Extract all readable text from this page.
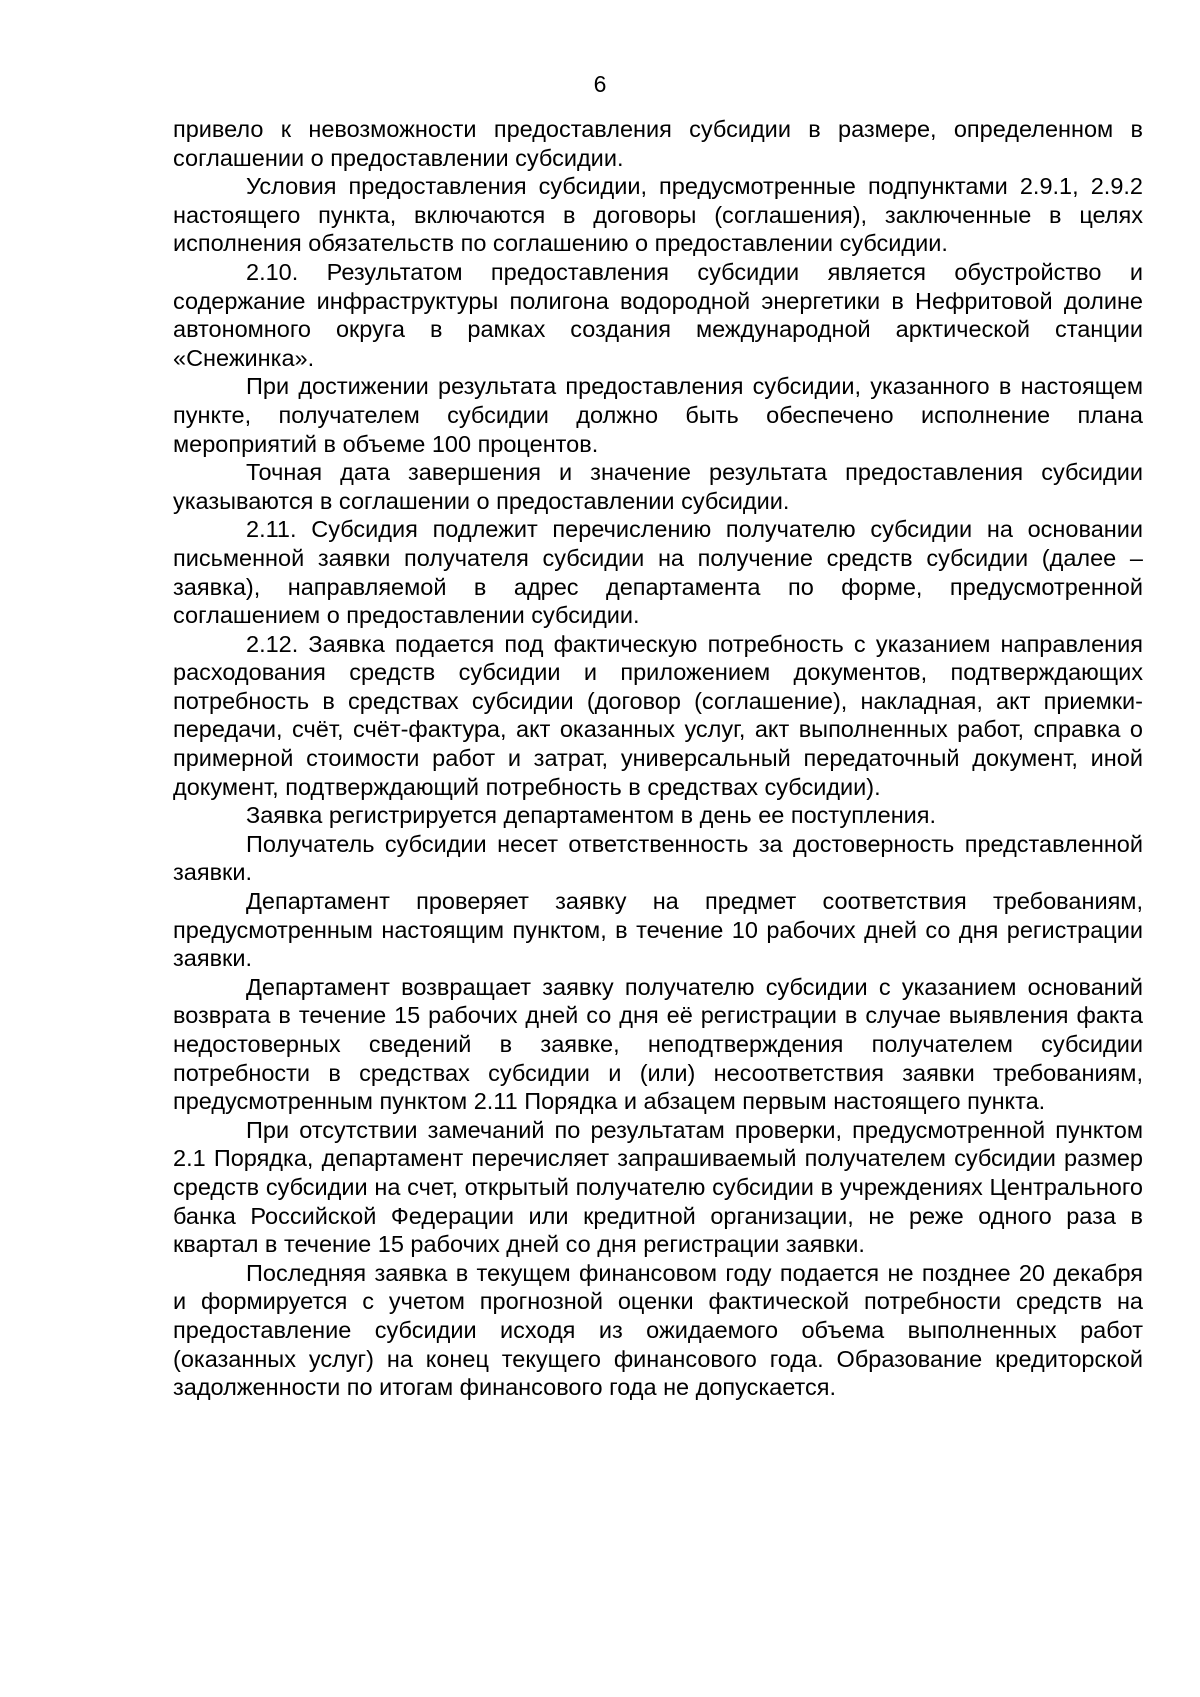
6

привело к невозможности предоставления субсидии в размере, определенном в соглашении о предоставлении субсидии.

Условия предоставления субсидии, предусмотренные подпунктами 2.9.1, 2.9.2 настоящего пункта, включаются в договоры (соглашения), заключенные в целях исполнения обязательств по соглашению о предоставлении субсидии.

2.10. Результатом предоставления субсидии является обустройство и содержание инфраструктуры полигона водородной энергетики в Нефритовой долине автономного округа в рамках создания международной арктической станции «Снежинка».

При достижении результата предоставления субсидии, указанного в настоящем пункте, получателем субсидии должно быть обеспечено исполнение плана мероприятий в объеме 100 процентов.

Точная дата завершения и значение результата предоставления субсидии указываются в соглашении о предоставлении субсидии.

2.11. Субсидия подлежит перечислению получателю субсидии на основании письменной заявки получателя субсидии на получение средств субсидии (далее – заявка), направляемой в адрес департамента по форме, предусмотренной соглашением о предоставлении субсидии.

2.12. Заявка подается под фактическую потребность с указанием направления расходования средств субсидии и приложением документов, подтверждающих потребность в средствах субсидии (договор (соглашение), накладная, акт приемки-передачи, счёт, счёт-фактура, акт оказанных услуг, акт выполненных работ, справка о примерной стоимости работ и затрат, универсальный передаточный документ, иной документ, подтверждающий потребность в средствах субсидии).

Заявка регистрируется департаментом в день ее поступления.

Получатель субсидии несет ответственность за достоверность представленной заявки.

Департамент проверяет заявку на предмет соответствия требованиям, предусмотренным настоящим пунктом, в течение 10 рабочих дней со дня регистрации заявки.

Департамент возвращает заявку получателю субсидии с указанием оснований возврата в течение 15 рабочих дней со дня её регистрации в случае выявления факта недостоверных сведений в заявке, неподтверждения получателем субсидии потребности в средствах субсидии и (или) несоответствия заявки требованиям, предусмотренным пунктом 2.11 Порядка и абзацем первым настоящего пункта.

При отсутствии замечаний по результатам проверки, предусмотренной пунктом 2.1 Порядка, департамент перечисляет запрашиваемый получателем субсидии размер средств субсидии на счет, открытый получателю субсидии в учреждениях Центрального банка Российской Федерации или кредитной организации, не реже одного раза в квартал в течение 15 рабочих дней со дня регистрации заявки.

Последняя заявка в текущем финансовом году подается не позднее 20 декабря и формируется с учетом прогнозной оценки фактической потребности средств на предоставление субсидии исходя из ожидаемого объема выполненных работ (оказанных услуг) на конец текущего финансового года. Образование кредиторской задолженности по итогам финансового года не допускается.
